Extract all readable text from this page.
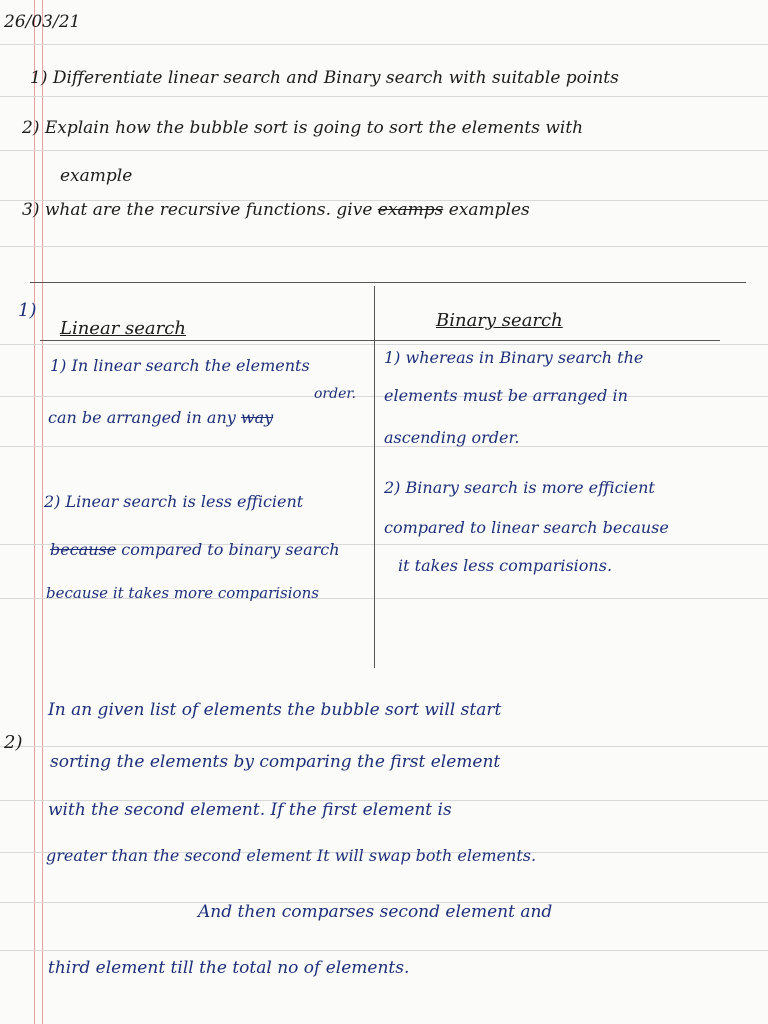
26/03/21
1) Differentiate linear search and Binary search with suitable points
2) Explain how the bubble sort is going to sort the elements with
example
3) what are the recursive functions. give examps examples
1)
Linear search	Binary search
1) In linear search the elements
can be arranged in any way
order.
2) Linear search is less efficient
because compared to binary search
because it takes more comparisions
1) whereas in Binary search the
elements must be arranged in
ascending order.
2) Binary search is more efficient
compared to linear search because
it takes less comparisions.
2)
In an given list of elements the bubble sort will start
sorting the elements by comparing the first element
with the second element. If the first element is
greater than the second element It will swap both elements.
And then comparses second element and
third element till the total no of elements.
